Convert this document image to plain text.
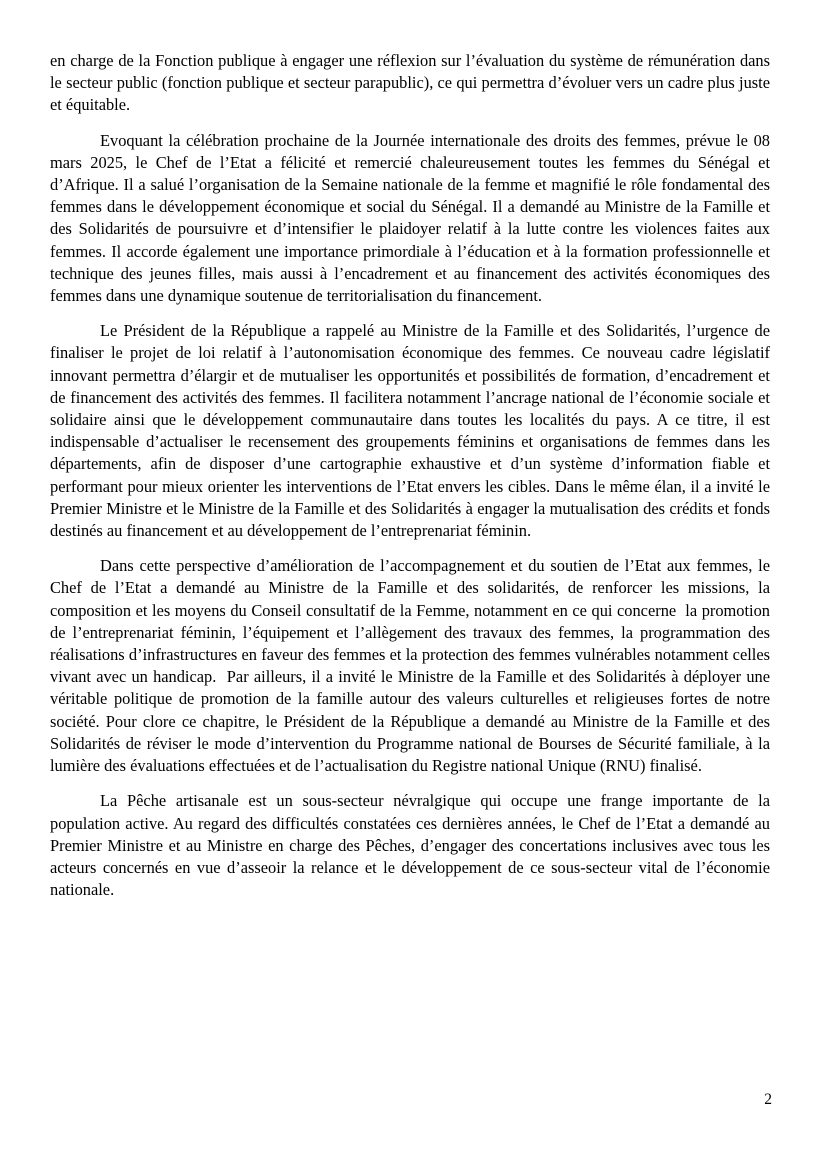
en charge de la Fonction publique à engager une réflexion sur l’évaluation du système de rémunération dans le secteur public (fonction publique et secteur parapublic), ce qui permettra d’évoluer vers un cadre plus juste et équitable.

Evoquant la célébration prochaine de la Journée internationale des droits des femmes, prévue le 08 mars 2025, le Chef de l’Etat a félicité et remercié chaleureusement toutes les femmes du Sénégal et d’Afrique. Il a salué l’organisation de la Semaine nationale de la femme et magnifié le rôle fondamental des femmes dans le développement économique et social du Sénégal. Il a demandé au Ministre de la Famille et des Solidarités de poursuivre et d’intensifier le plaidoyer relatif à la lutte contre les violences faites aux femmes. Il accorde également une importance primordiale à l’éducation et à la formation professionnelle et technique des jeunes filles, mais aussi à l’encadrement et au financement des activités économiques des femmes dans une dynamique soutenue de territorialisation du financement.

Le Président de la République a rappelé au Ministre de la Famille et des Solidarités, l’urgence de finaliser le projet de loi relatif à l’autonomisation économique des femmes. Ce nouveau cadre législatif innovant permettra d’élargir et de mutualiser les opportunités et possibilités de formation, d’encadrement et de financement des activités des femmes. Il facilitera notamment l’ancrage national de l’économie sociale et solidaire ainsi que le développement communautaire dans toutes les localités du pays. A ce titre, il est indispensable d’actualiser le recensement des groupements féminins et organisations de femmes dans les départements, afin de disposer d’une cartographie exhaustive et d’un système d’information fiable et performant pour mieux orienter les interventions de l’Etat envers les cibles. Dans le même élan, il a invité le Premier Ministre et le Ministre de la Famille et des Solidarités à engager la mutualisation des crédits et fonds destinés au financement et au développement de l’entreprenariat féminin.

Dans cette perspective d’amélioration de l’accompagnement et du soutien de l’Etat aux femmes, le Chef de l’Etat a demandé au Ministre de la Famille et des solidarités, de renforcer les missions, la composition et les moyens du Conseil consultatif de la Femme, notamment en ce qui concerne  la promotion de l’entreprenariat féminin, l’équipement et l’allègement des travaux des femmes, la programmation des réalisations d’infrastructures en faveur des femmes et la protection des femmes vulnérables notamment celles vivant avec un handicap.  Par ailleurs, il a invité le Ministre de la Famille et des Solidarités à déployer une véritable politique de promotion de la famille autour des valeurs culturelles et religieuses fortes de notre société. Pour clore ce chapitre, le Président de la République a demandé au Ministre de la Famille et des Solidarités de réviser le mode d’intervention du Programme national de Bourses de Sécurité familiale, à la lumière des évaluations effectuées et de l’actualisation du Registre national Unique (RNU) finalisé.

La Pêche artisanale est un sous-secteur névralgique qui occupe une frange importante de la population active. Au regard des difficultés constatées ces dernières années, le Chef de l’Etat a demandé au Premier Ministre et au Ministre en charge des Pêches, d’engager des concertations inclusives avec tous les acteurs concernés en vue d’asseoir la relance et le développement de ce sous-secteur vital de l’économie nationale.

2
